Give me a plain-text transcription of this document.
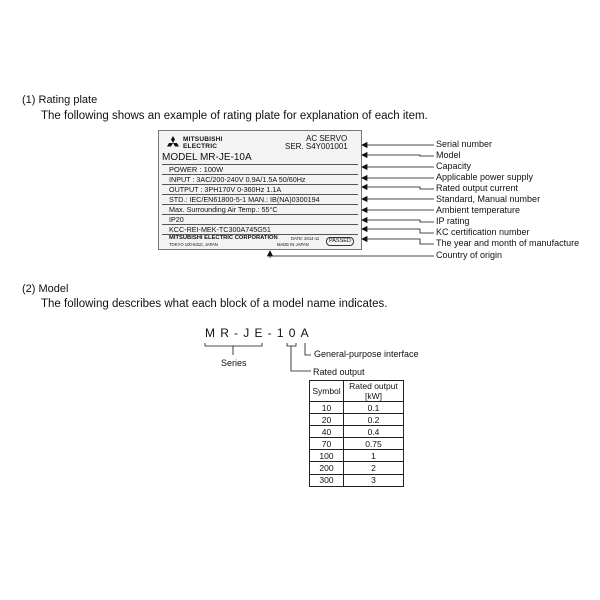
(1) Rating plate
The following shows an example of rating plate for explanation of each item.
MITSUBISHI
ELECTRIC
AC SERVO
SER. S4Y001001
MODEL MR-JE-10A
POWER : 100W
INPUT : 3AC/200-240V 0.9A/1.5A 50/60Hz
OUTPUT : 3PH170V 0-360Hz 1.1A
STD.: IEC/EN61800-5-1 MAN.: IB(NA)0300194
Max. Surrounding Air Temp.: 55°C
IP20
KCC-REI-MEK-TC300A745G51
MITSUBISHI ELECTRIC CORPORATION
TOKYO 100-8310, JAPAN
DATE: 2014-11
MADE IN JAPAN
PASSED
Serial number
Model
Capacity
Applicable power supply
Rated output current
Standard, Manual number
Ambient temperature
IP rating
KC certification number
The year and month of manufacture
Country of origin
(2) Model
The following describes what each block of a model name indicates.
MR-JE-10A
Series
General-purpose interface
Rated output
Symbol	Rated output [kW]
10	0.1
20	0.2
40	0.4
70	0.75
100	1
200	2
300	3
